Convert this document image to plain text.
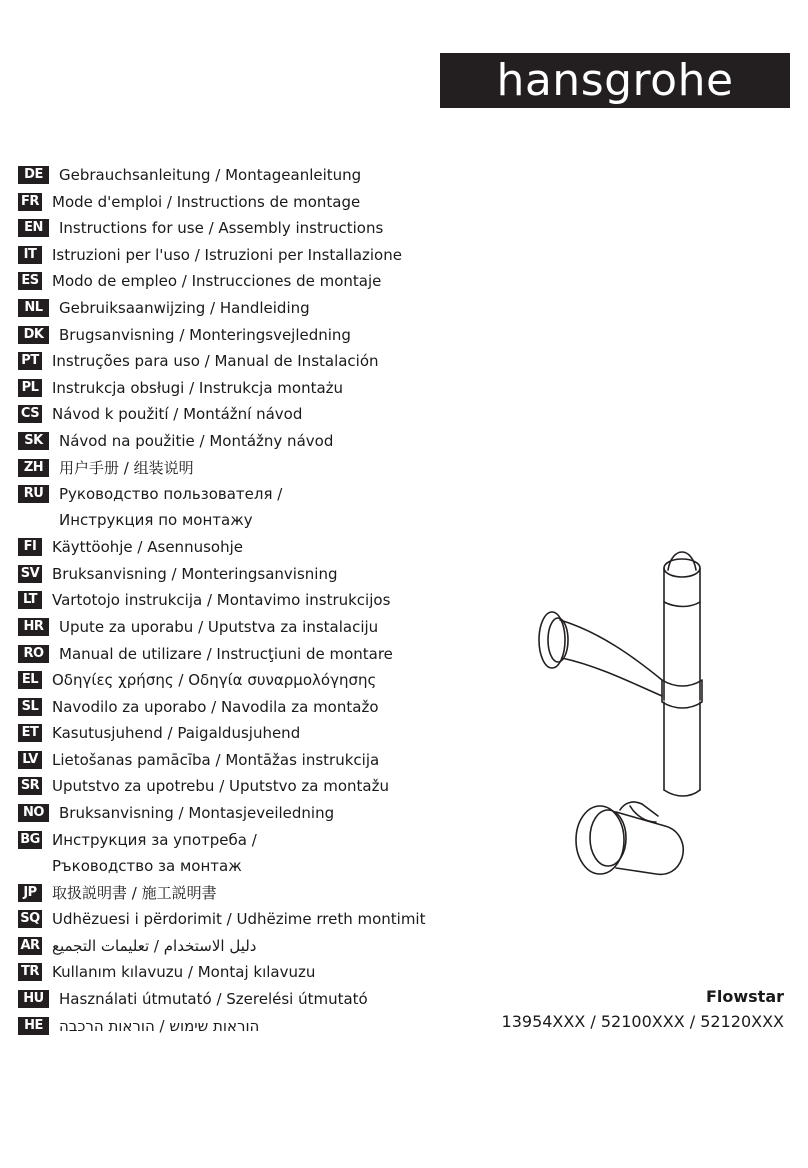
hansgrohe
DE	Gebrauchsanleitung / Montageanleitung
FR Mode d'emploi / Instructions de montage
EN	Instructions for use / Assembly instructions
IT	Istruzioni per l'uso / Istruzioni per Installazione
ES Modo de empleo / Instrucciones de montaje
NL	Gebruiksaanwijzing / Handleiding
DK	Brugsanvisning / Monteringsvejledning
PT Instruções para uso / Manual de Instalación
PL Instrukcja obsługi / Instrukcja montażu
CS Návod k použití / Montážní návod
SK	Návod na použitie / Montážny návod
ZH	用户手册 / 组装说明
RU	Руководство пользователя /
Инструкция по монтажу
FI	Käyttöohje / Asennusohje
SV Bruksanvisning / Monteringsanvisning
LT	Vartotojo instrukcija / Montavimo instrukcijos
HR	Upute za uporabu / Uputstva za instalaciju
RO	Manual de utilizare / Instrucţiuni de montare
EL Οδηγίες χρήσης / Οδηγία συναρμολόγησης
SL Navodilo za uporabo / Navodila za montažo
ET Kasutusjuhend / Paigaldusjuhend
LV Lietošanas pamācība / Montāžas instrukcija
SR Uputstvo za upotrebu / Uputstvo za montažu
NO	Bruksanvisning / Montasjeveiledning
BG Инструкция за употреба /
Ръководство за монтаж
JP	取扱説明書 / 施工説明書
SQ Udhëzuesi i përdorimit / Udhëzime rreth montimit
AR دليل الاستخدام / تعليمات التجميع
TR Kullanım kılavuzu / Montaj kılavuzu
HU	Használati útmutató / Szerelési útmutató
HE	הוראות שימוש / הוראות הרכבה
Flowstar
13954XXX / 52100XXX / 52120XXX
